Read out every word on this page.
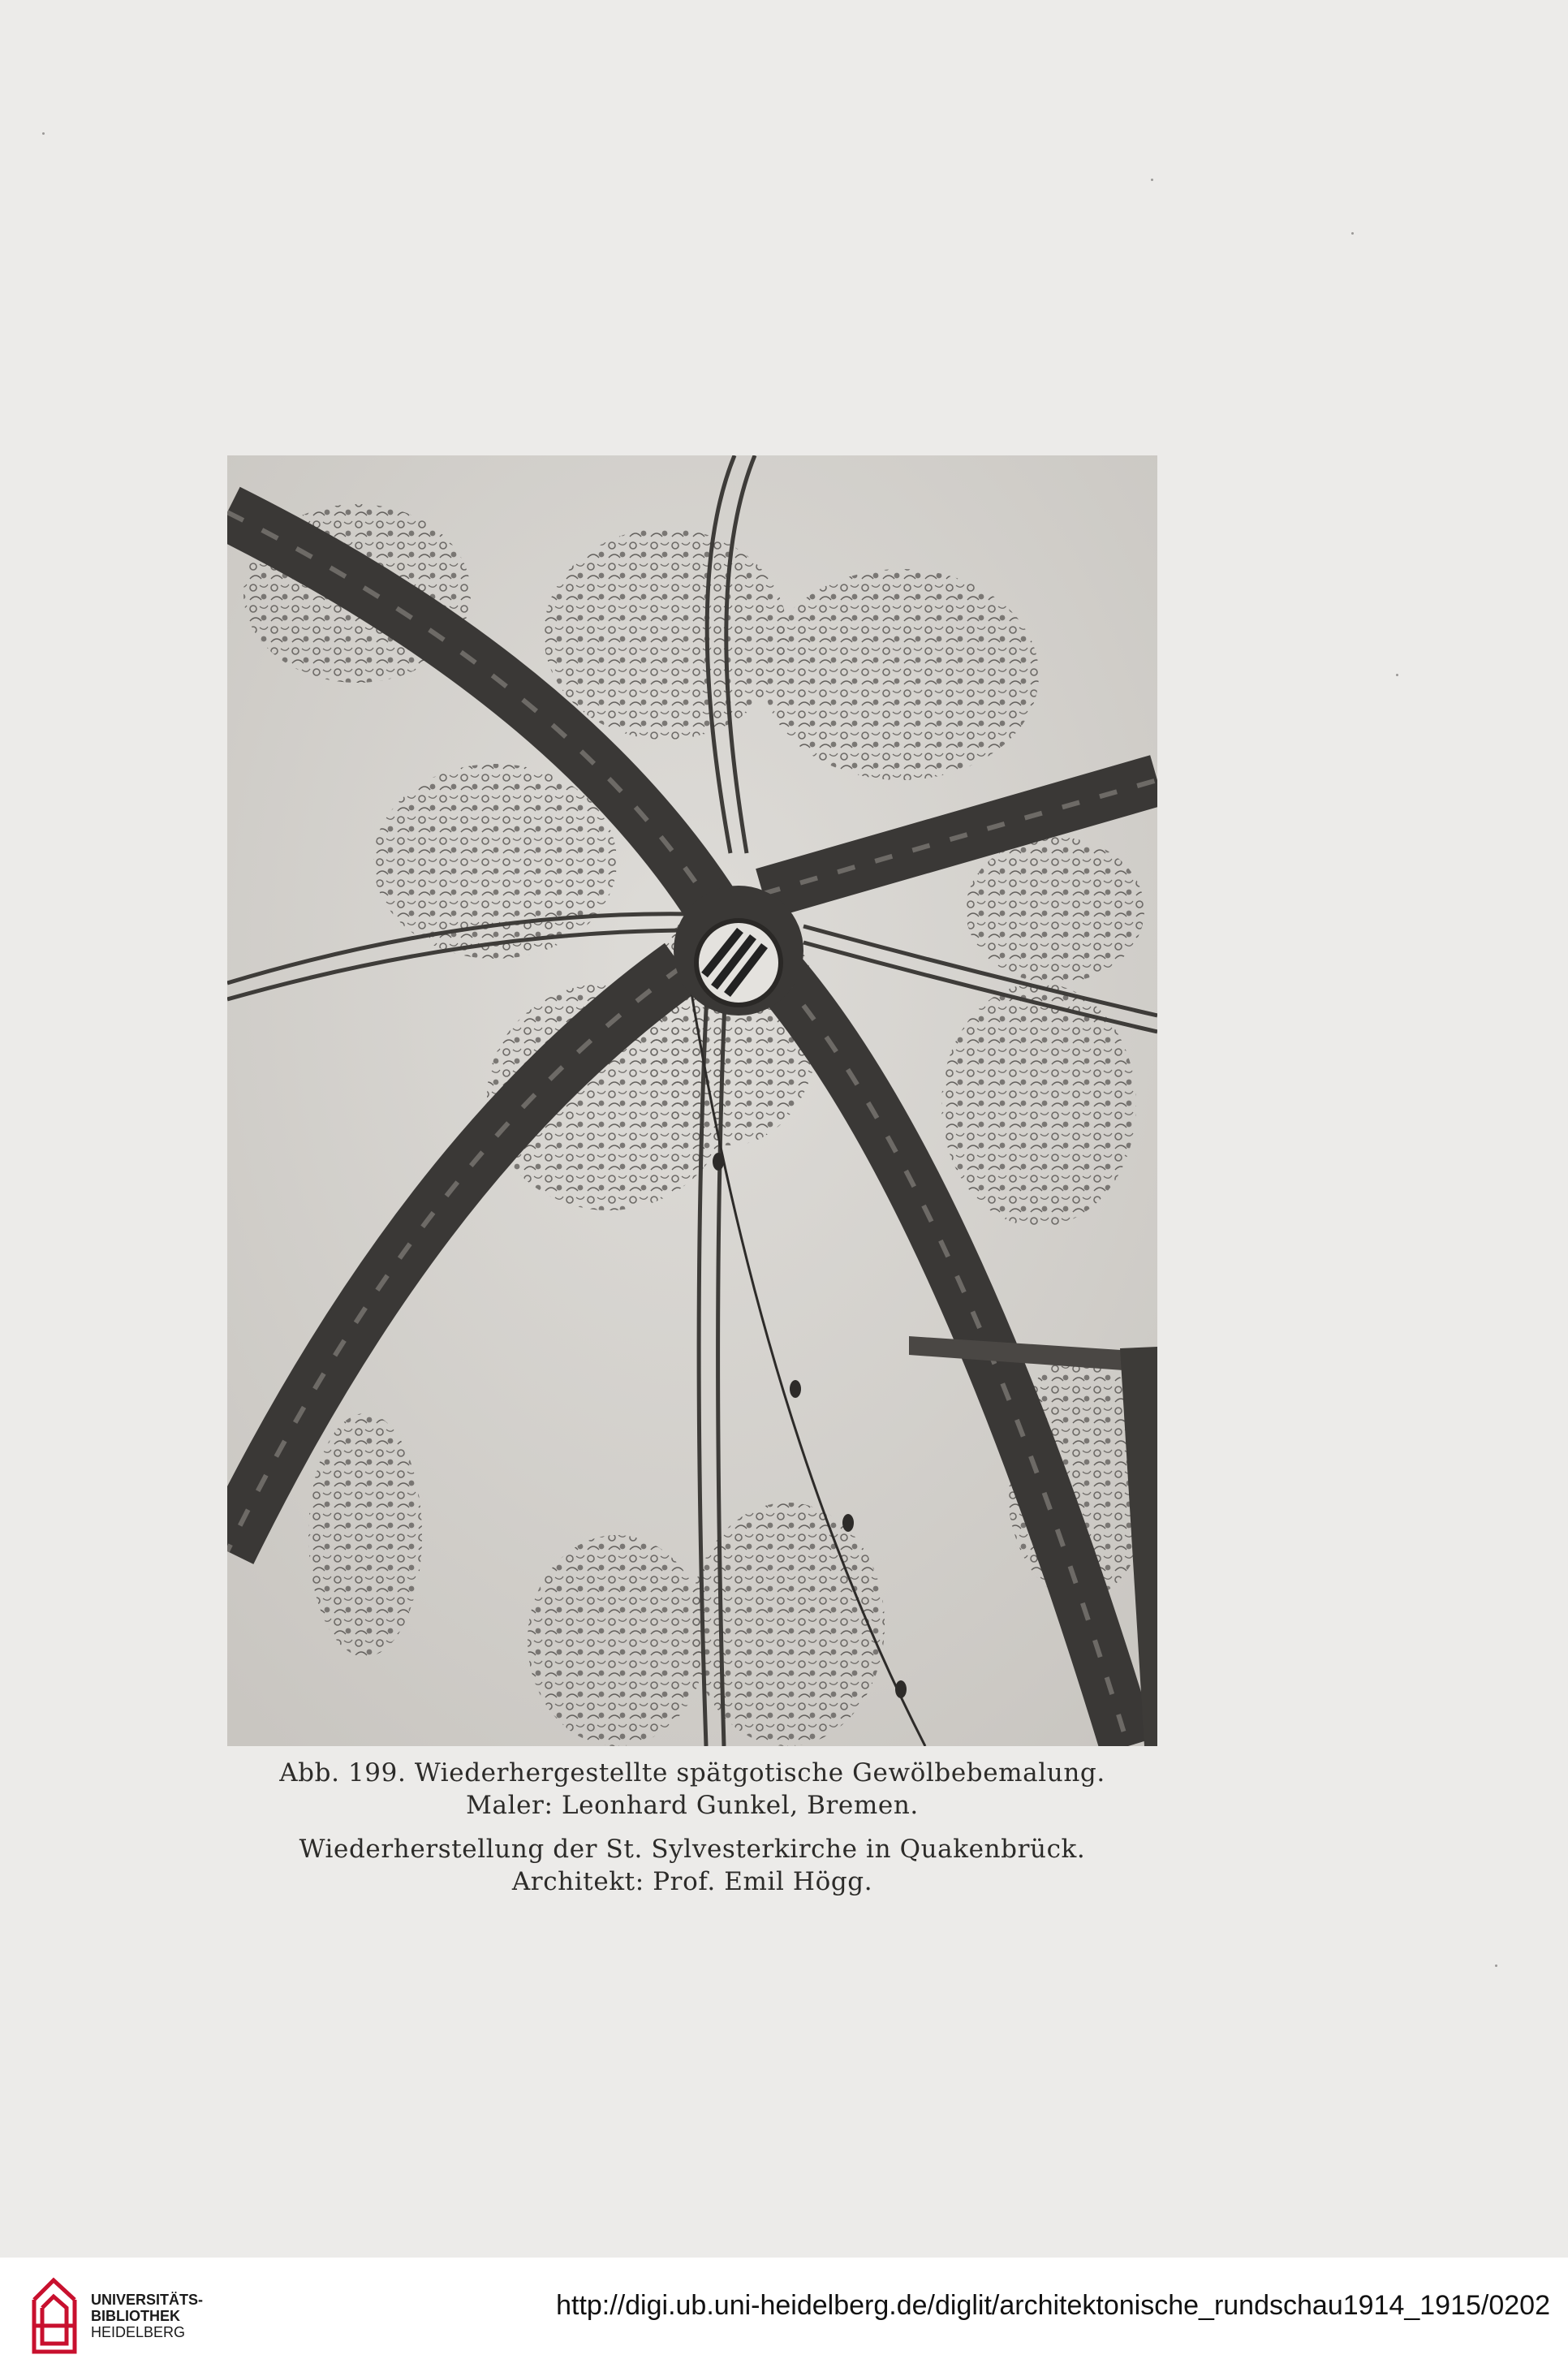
Abb. 199. Wiederhergestellte spätgotische Gewölbebemalung.
Maler: Leonhard Gunkel, Bremen.
Wiederherstellung der St. Sylvesterkirche in Quakenbrück.
Architekt: Prof. Emil Högg.
UNIVERSITÄTS-
BIBLIOTHEK
HEIDELBERG
http://digi.ub.uni-heidelberg.de/diglit/architektonische_rundschau1914_1915/0202
